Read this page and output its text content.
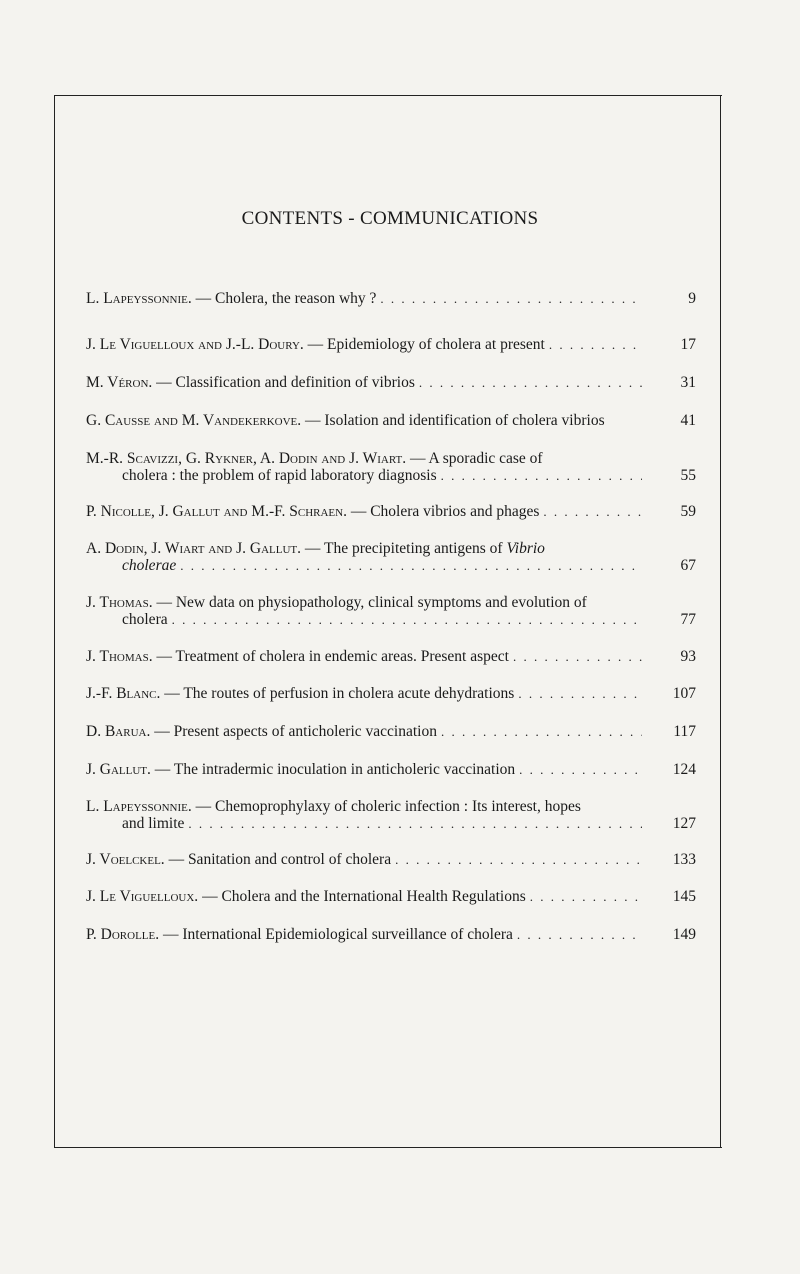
CONTENTS - COMMUNICATIONS
L. Lapeyssonnie. — Cholera, the reason why ? . . .	9
J. Le Viguelloux and J.-L. Doury. — Epidemiology of cholera at present . . .	17
M. Véron. — Classification and definition of vibrios . . .	31
G. Causse and M. Vandekerkove. — Isolation and identification of cholera vibrios	41
M.-R. Scavizzi, G. Rykner, A. Dodin and J. Wiart. — A sporadic case of
cholera : the problem of rapid laboratory diagnosis . . .	55
P. Nicolle, J. Gallut and M.-F. Schraen. — Cholera vibrios and phages . . .	59
A. Dodin, J. Wiart and J. Gallut. — The precipiteting antigens of Vibrio
cholerae . . .	67
J. Thomas. — New data on physiopathology, clinical symptoms and evolution of
cholera . . .	77
J. Thomas. — Treatment of cholera in endemic areas. Present aspect . . .	93
J.-F. Blanc. — The routes of perfusion in cholera acute dehydrations . . .	107
D. Barua. — Present aspects of anticholeric vaccination . . .	117
J. Gallut. — The intradermic inoculation in anticholeric vaccination . . .	124
L. Lapeyssonnie. — Chemoprophylaxy of choleric infection : Its interest, hopes
and limite . . .	127
J. Voelckel. — Sanitation and control of cholera . . .	133
J. Le Viguelloux. — Cholera and the International Health Regulations . . .	145
P. Dorolle. — International Epidemiological surveillance of cholera . . .	149
